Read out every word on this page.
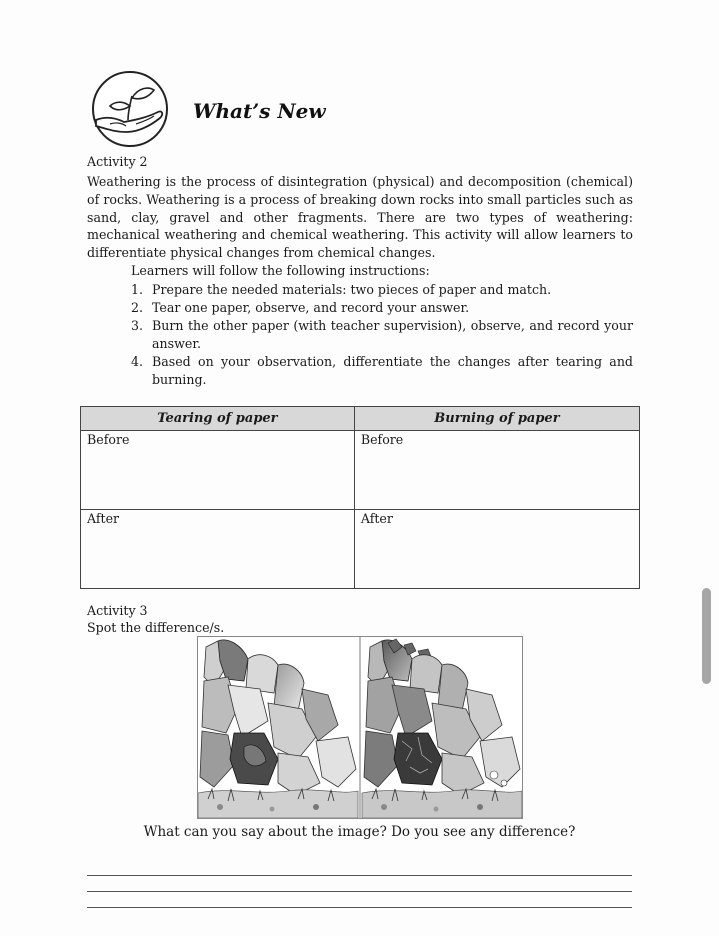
What’s New
Activity 2

Weathering is the process of disintegration (physical) and decomposition (chemical) of rocks. Weathering is a process of breaking down rocks into small particles such as sand, clay, gravel and other fragments. There are two types of weathering: mechanical weathering and chemical weathering. This activity will allow learners to differentiate physical changes from chemical changes.

Learners will follow the following instructions:
1. Prepare the needed materials: two pieces of paper and match.
2. Tear one paper, observe, and record your answer.
3. Burn the other paper (with teacher supervision), observe, and record your answer.
4. Based on your observation, differentiate the changes after tearing and burning.
Tearing of paper	Burning of paper
Before	Before
After	After
Activity 3
Spot the difference/s.
What can you say about the image? Do you see any difference?
